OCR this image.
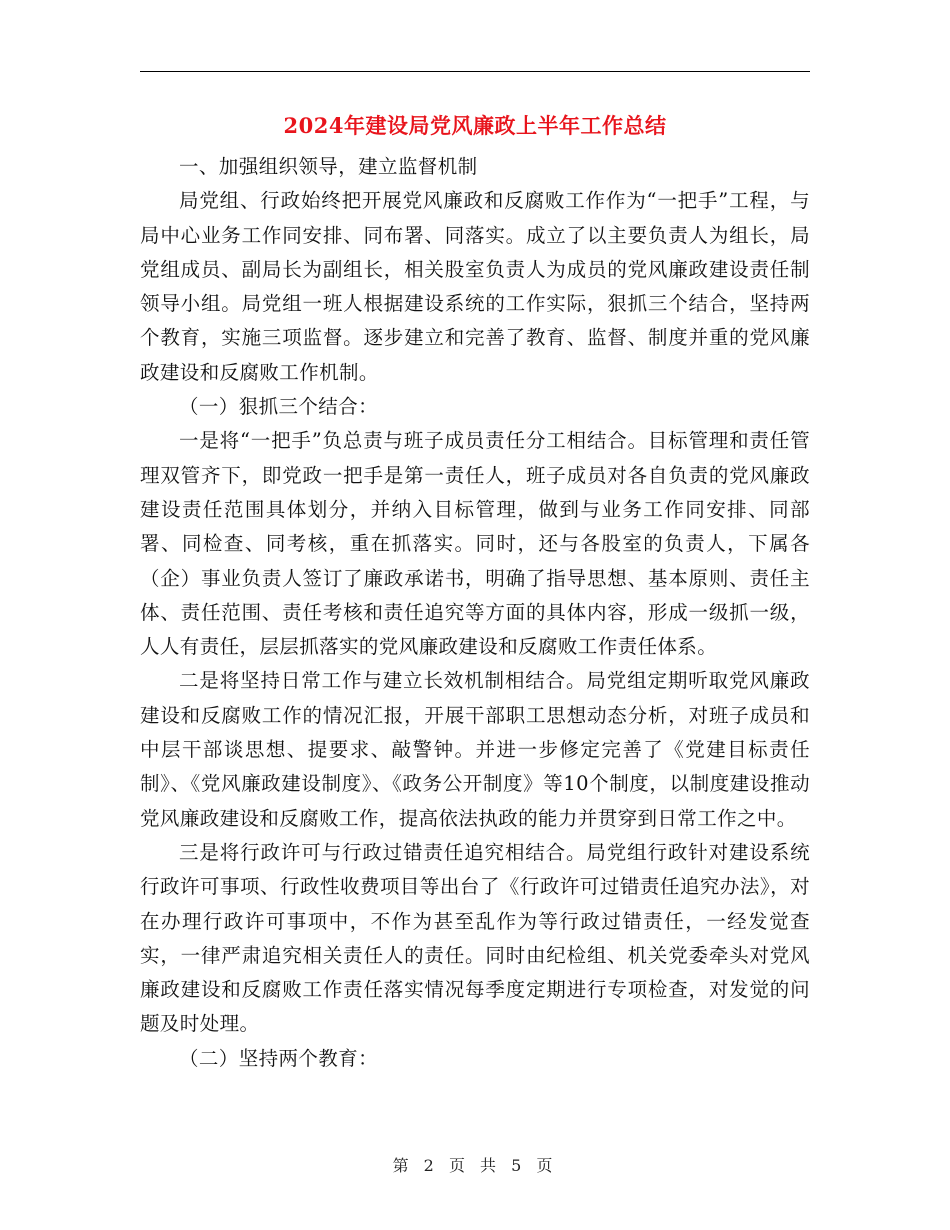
2024年建设局党风廉政上半年工作总结

一、加强组织领导，建立监督机制

局党组、行政始终把开展党风廉政和反腐败工作作为“一把手”工程，与局中心业务工作同安排、同布署、同落实。成立了以主要负责人为组长，局党组成员、副局长为副组长，相关股室负责人为成员的党风廉政建设责任制领导小组。局党组一班人根据建设系统的工作实际，狠抓三个结合，坚持两个教育，实施三项监督。逐步建立和完善了教育、监督、制度并重的党风廉政建设和反腐败工作机制。

（一）狠抓三个结合：

一是将“一把手”负总责与班子成员责任分工相结合。目标管理和责任管理双管齐下，即党政一把手是第一责任人，班子成员对各自负责的党风廉政建设责任范围具体划分，并纳入目标管理，做到与业务工作同安排、同部署、同检查、同考核，重在抓落实。同时，还与各股室的负责人，下属各（企）事业负责人签订了廉政承诺书，明确了指导思想、基本原则、责任主体、责任范围、责任考核和责任追究等方面的具体内容，形成一级抓一级，人人有责任，层层抓落实的党风廉政建设和反腐败工作责任体系。

二是将坚持日常工作与建立长效机制相结合。局党组定期听取党风廉政建设和反腐败工作的情况汇报，开展干部职工思想动态分析，对班子成员和中层干部谈思想、提要求、敲警钟。并进一步修定完善了《党建目标责任制》、《党风廉政建设制度》、《政务公开制度》等10个制度，以制度建设推动党风廉政建设和反腐败工作，提高依法执政的能力并贯穿到日常工作之中。

三是将行政许可与行政过错责任追究相结合。局党组行政针对建设系统行政许可事项、行政性收费项目等出台了《行政许可过错责任追究办法》，对在办理行政许可事项中，不作为甚至乱作为等行政过错责任，一经发觉查实，一律严肃追究相关责任人的责任。同时由纪检组、机关党委牵头对党风廉政建设和反腐败工作责任落实情况每季度定期进行专项检查，对发觉的问题及时处理。

（二）坚持两个教育：

第 2 页 共 5 页
